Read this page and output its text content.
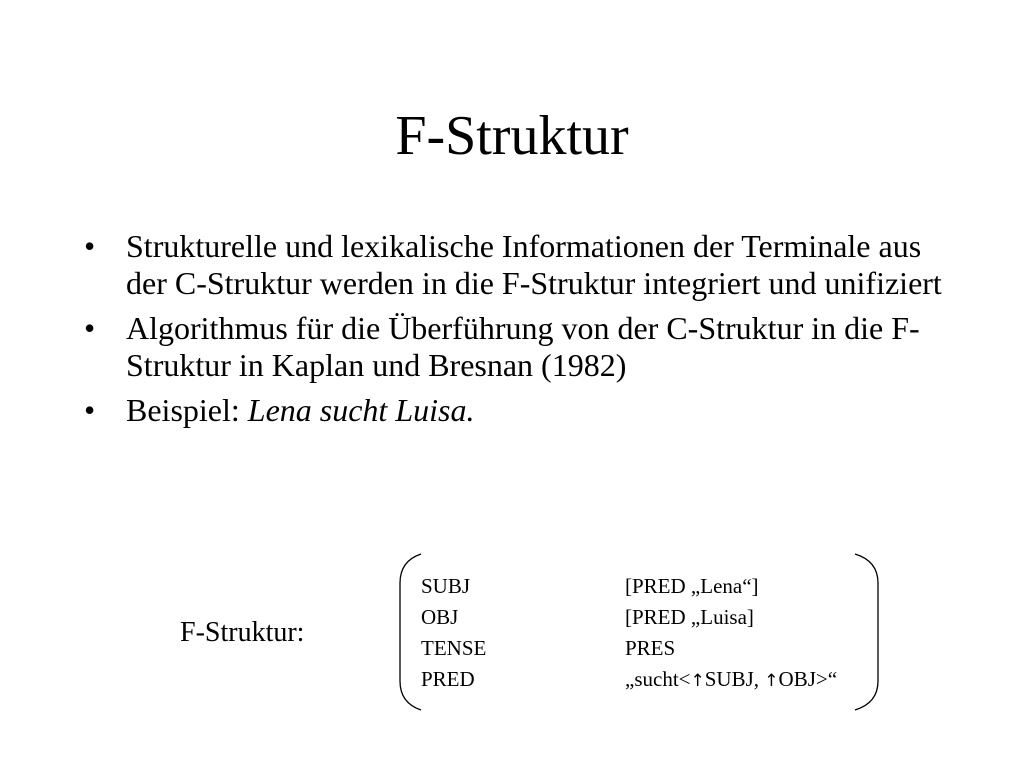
F-Struktur
• Strukturelle und lexikalische Informationen der Terminale aus der C-Struktur werden in die F-Struktur integriert und unifiziert
• Algorithmus für die Überführung von der C-Struktur in die F-Struktur in Kaplan und Bresnan (1982)
• Beispiel: Lena sucht Luisa.
F-Struktur:
SUBJ	[PRED „Lena“]
OBJ	[PRED „Luisa]
TENSE	PRES
PRED	„sucht<↑SUBJ, ↑OBJ>“
